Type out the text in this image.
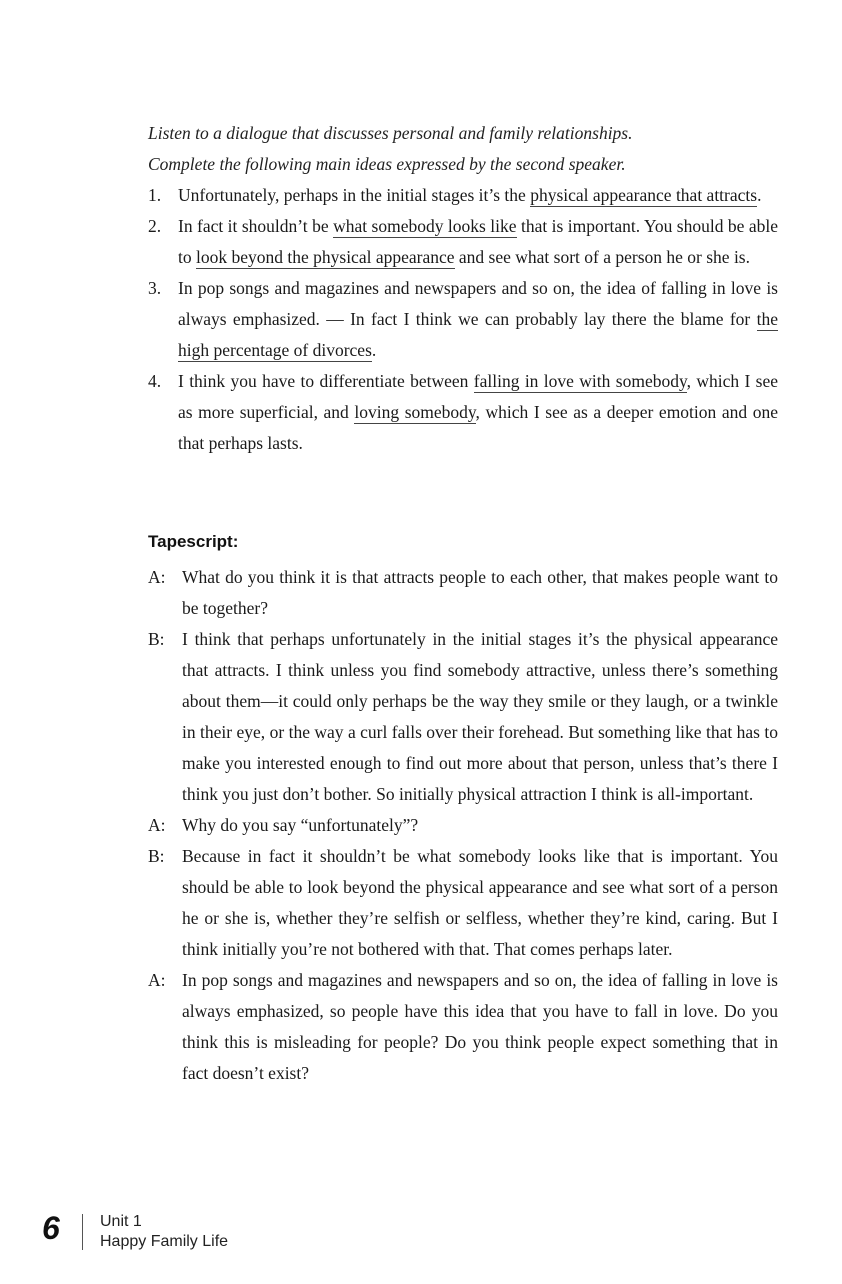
Listen to a dialogue that discusses personal and family relationships.
Complete the following main ideas expressed by the second speaker.
1. Unfortunately, perhaps in the initial stages it’s the physical appearance that attracts.
2. In fact it shouldn’t be what somebody looks like that is important. You should be able to look beyond the physical appearance and see what sort of a person he or she is.
3. In pop songs and magazines and newspapers and so on, the idea of falling in love is always emphasized. — In fact I think we can probably lay there the blame for the high percentage of divorces.
4. I think you have to differentiate between falling in love with somebody, which I see as more superficial, and loving somebody, which I see as a deeper emotion and one that perhaps lasts.
Tapescript:
A: What do you think it is that attracts people to each other, that makes people want to be together?
B: I think that perhaps unfortunately in the initial stages it’s the physical appearance that attracts. I think unless you find somebody attractive, unless there’s something about them—it could only perhaps be the way they smile or they laugh, or a twinkle in their eye, or the way a curl falls over their forehead. But something like that has to make you interested enough to find out more about that person, unless that’s there I think you just don’t bother. So initially physical attraction I think is all-important.
A: Why do you say “unfortunately”?
B: Because in fact it shouldn’t be what somebody looks like that is important. You should be able to look beyond the physical appearance and see what sort of a person he or she is, whether they’re selfish or selfless, whether they’re kind, caring. But I think initially you’re not bothered with that. That comes perhaps later.
A: In pop songs and magazines and newspapers and so on, the idea of falling in love is always emphasized, so people have this idea that you have to fall in love. Do you think this is misleading for people? Do you think people expect something that in fact doesn’t exist?
6	Unit 1
Happy Family Life
